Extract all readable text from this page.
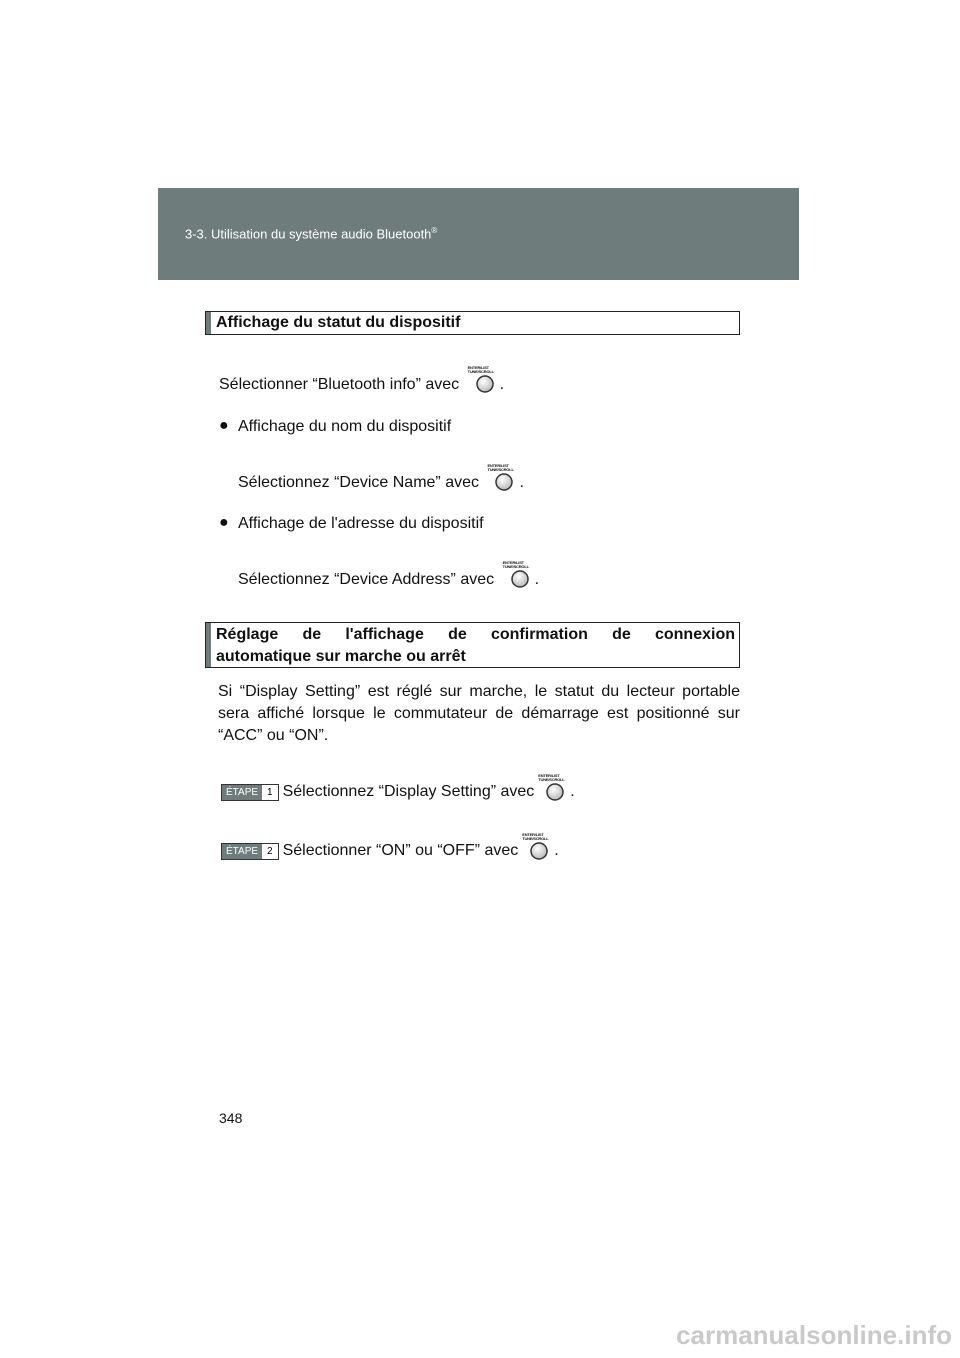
3-3. Utilisation du système audio Bluetooth®
Affichage du statut du dispositif
Sélectionner “Bluetooth info” avec
ENTER/LIST
TUNE/SCROLL
.
● Affichage du nom du dispositif
Sélectionnez “Device Name” avec
ENTER/LIST
TUNE/SCROLL
.
● Affichage de l'adresse du dispositif
Sélectionnez “Device Address” avec
ENTER/LIST
TUNE/SCROLL
.
Réglage de l'affichage de confirmation de connexion
automatique sur marche ou arrêt
Si “Display Setting” est réglé sur marche, le statut du lecteur portable sera affiché lorsque le commutateur de démarrage est positionné sur “ACC” ou “ON”.
ÉTAPE 1 Sélectionnez “Display Setting” avec
ENTER/LIST
TUNE/SCROLL
.
ÉTAPE 2 Sélectionner “ON” ou “OFF” avec
ENTER/LIST
TUNE/SCROLL
.
348
carmanualsonline.info
